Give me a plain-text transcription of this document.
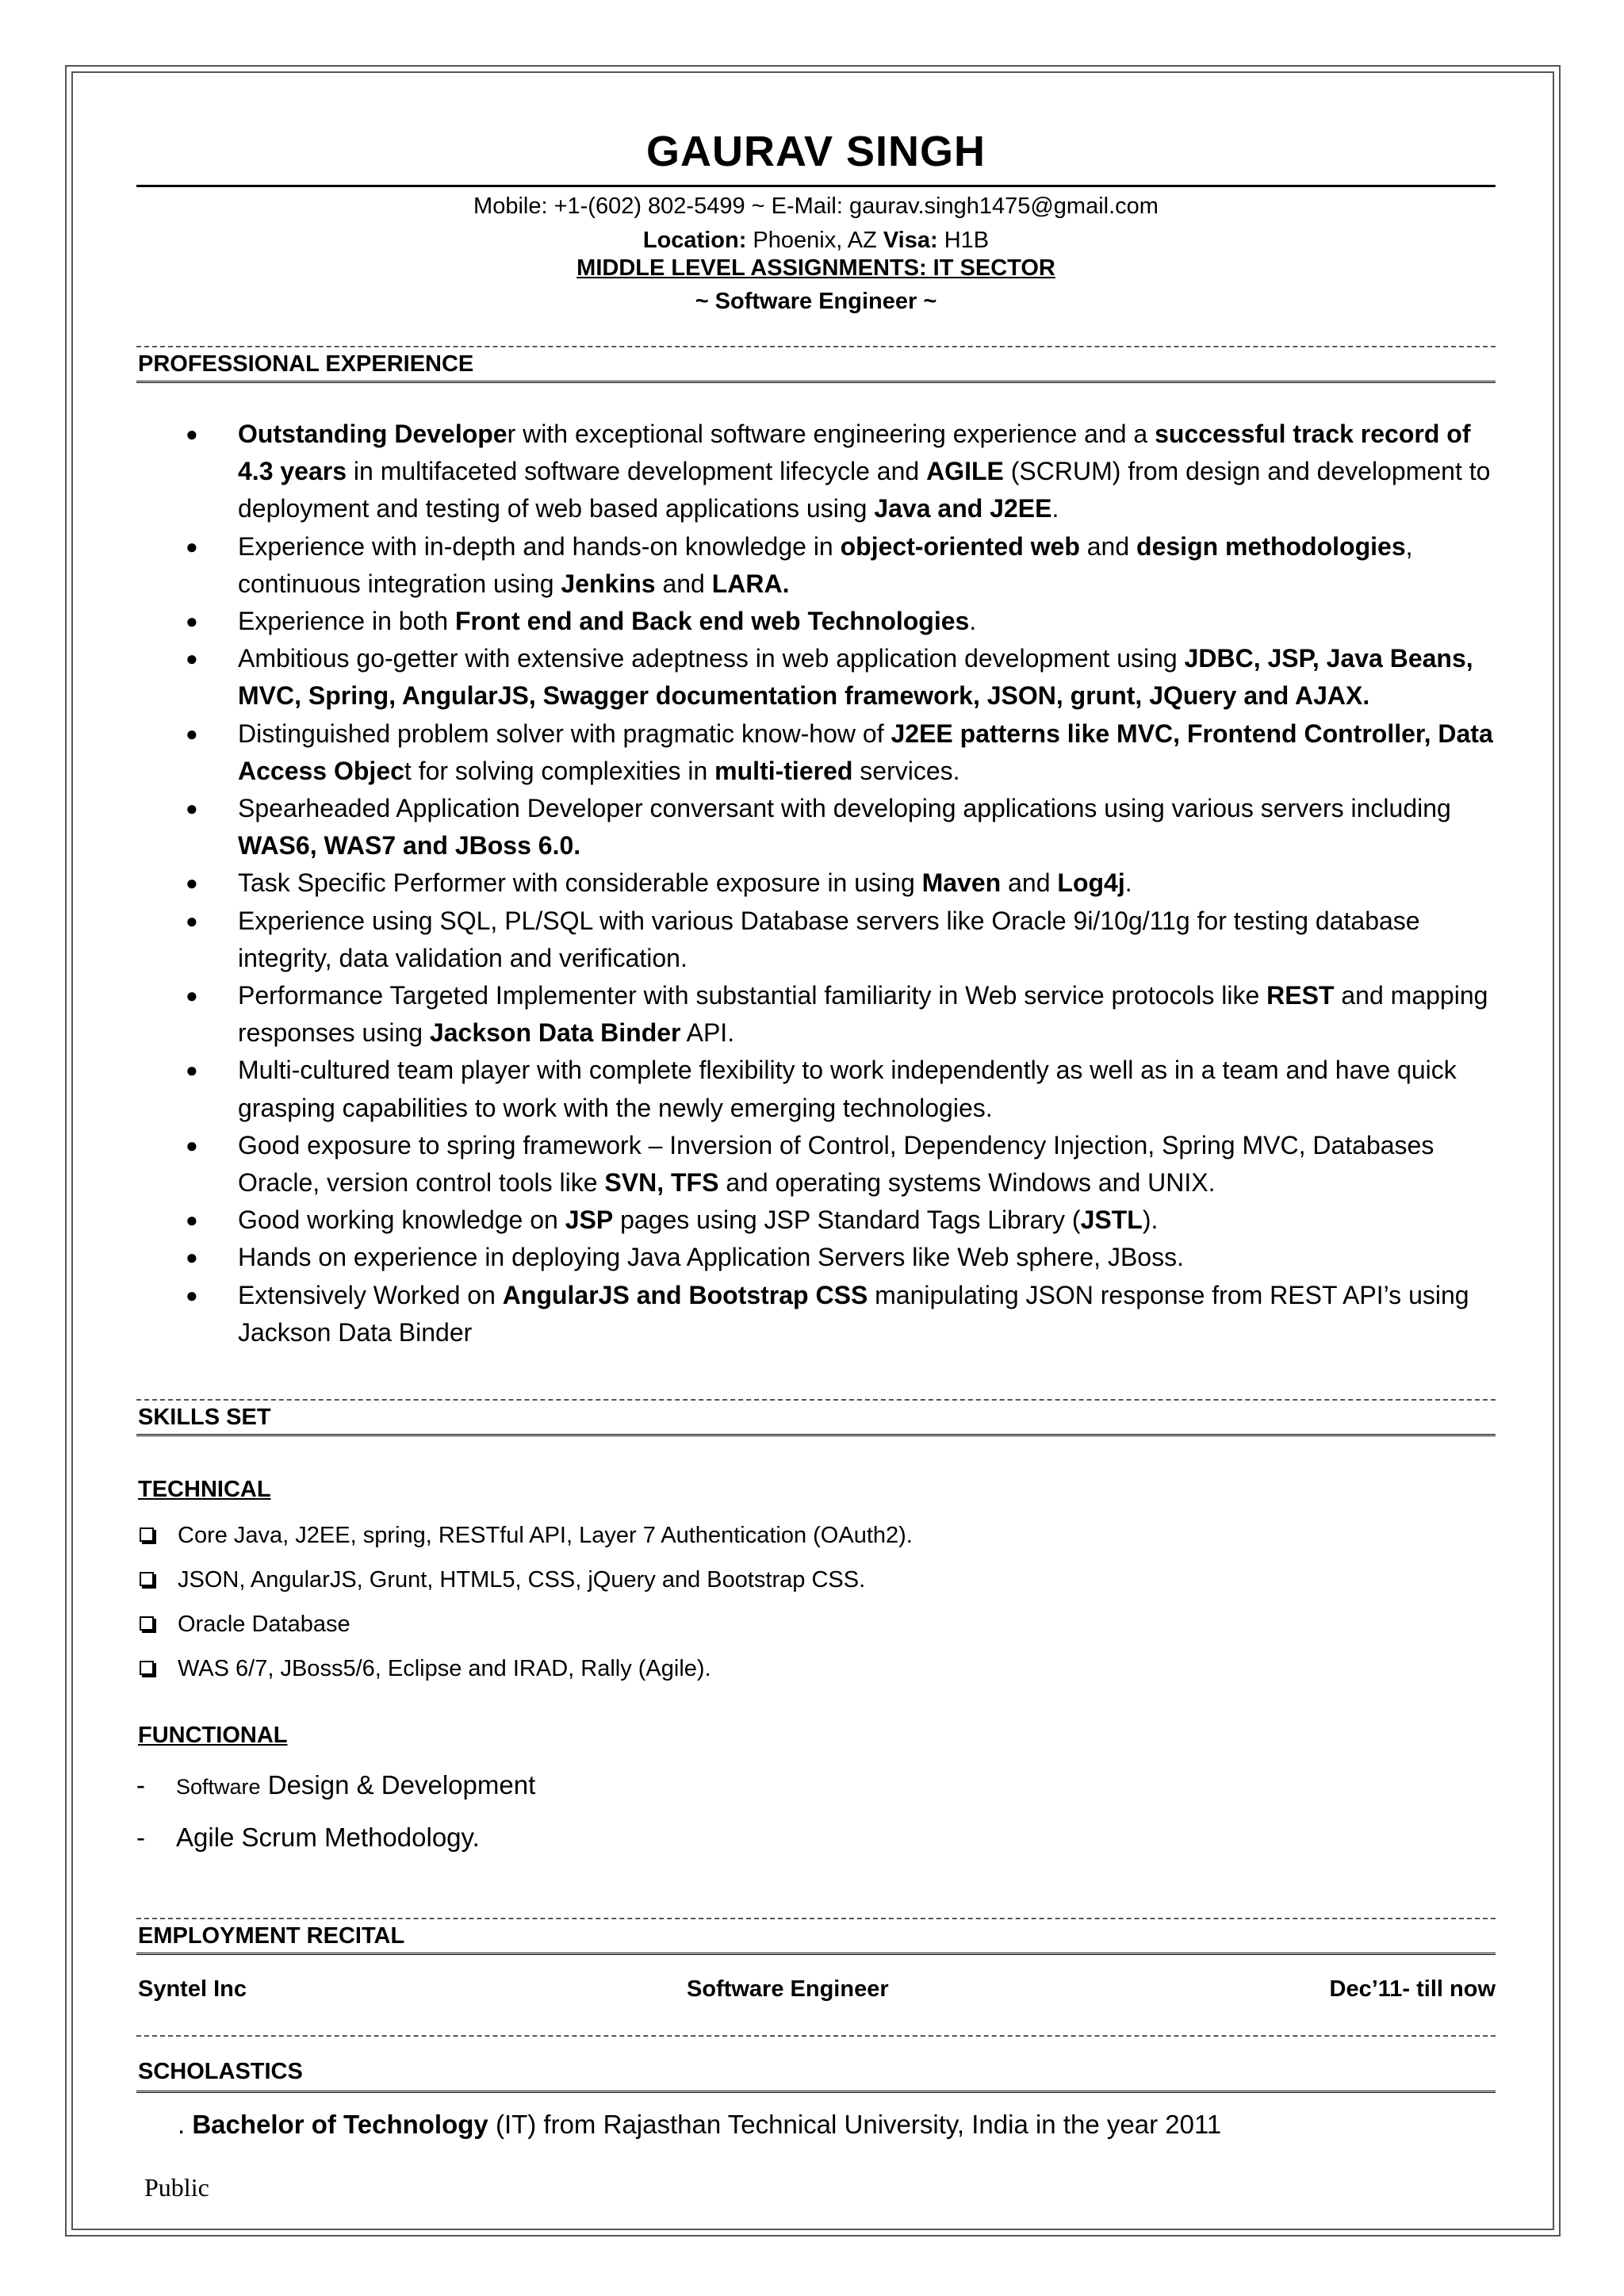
GAURAV SINGH
Mobile: +1-(602) 802-5499 ~ E-Mail: gaurav.singh1475@gmail.com
Location: Phoenix, AZ Visa: H1B
MIDDLE LEVEL ASSIGNMENTS: IT SECTOR
~ Software Engineer ~
PROFESSIONAL EXPERIENCE
● Outstanding Developer with exceptional software engineering experience and a successful track record of 4.3 years in multifaceted software development lifecycle and AGILE (SCRUM) from design and development to deployment and testing of web based applications using Java and J2EE.
● Experience with in-depth and hands-on knowledge in object-oriented web and design methodologies, continuous integration using Jenkins and LARA.
● Experience in both Front end and Back end web Technologies.
● Ambitious go-getter with extensive adeptness in web application development using JDBC, JSP, Java Beans, MVC, Spring, AngularJS, Swagger documentation framework, JSON, grunt, JQuery and AJAX.
● Distinguished problem solver with pragmatic know-how of J2EE patterns like MVC, Frontend Controller, Data Access Object for solving complexities in multi-tiered services.
● Spearheaded Application Developer conversant with developing applications using various servers including WAS6, WAS7 and JBoss 6.0.
● Task Specific Performer with considerable exposure in using Maven and Log4j.
● Experience using SQL, PL/SQL with various Database servers like Oracle 9i/10g/11g for testing database integrity, data validation and verification.
● Performance Targeted Implementer with substantial familiarity in Web service protocols like REST and mapping responses using Jackson Data Binder API.
● Multi-cultured team player with complete flexibility to work independently as well as in a team and have quick grasping capabilities to work with the newly emerging technologies.
● Good exposure to spring framework – Inversion of Control, Dependency Injection, Spring MVC, Databases Oracle, version control tools like SVN, TFS and operating systems Windows and UNIX.
● Good working knowledge on JSP pages using JSP Standard Tags Library (JSTL).
● Hands on experience in deploying Java Application Servers like Web sphere, JBoss.
● Extensively Worked on AngularJS and Bootstrap CSS manipulating JSON response from REST API’s using Jackson Data Binder
SKILLS SET
TECHNICAL
Core Java, J2EE, spring, RESTful API, Layer 7 Authentication (OAuth2).
JSON, AngularJS, Grunt, HTML5, CSS, jQuery and Bootstrap CSS.
Oracle Database
WAS 6/7, JBoss5/6, Eclipse and IRAD, Rally (Agile).
FUNCTIONAL
- Software Design & Development
- Agile Scrum Methodology.
EMPLOYMENT RECITAL
Syntel Inc	Software Engineer	Dec’11- till now
SCHOLASTICS
. Bachelor of Technology (IT) from Rajasthan Technical University, India in the year 2011
Public
